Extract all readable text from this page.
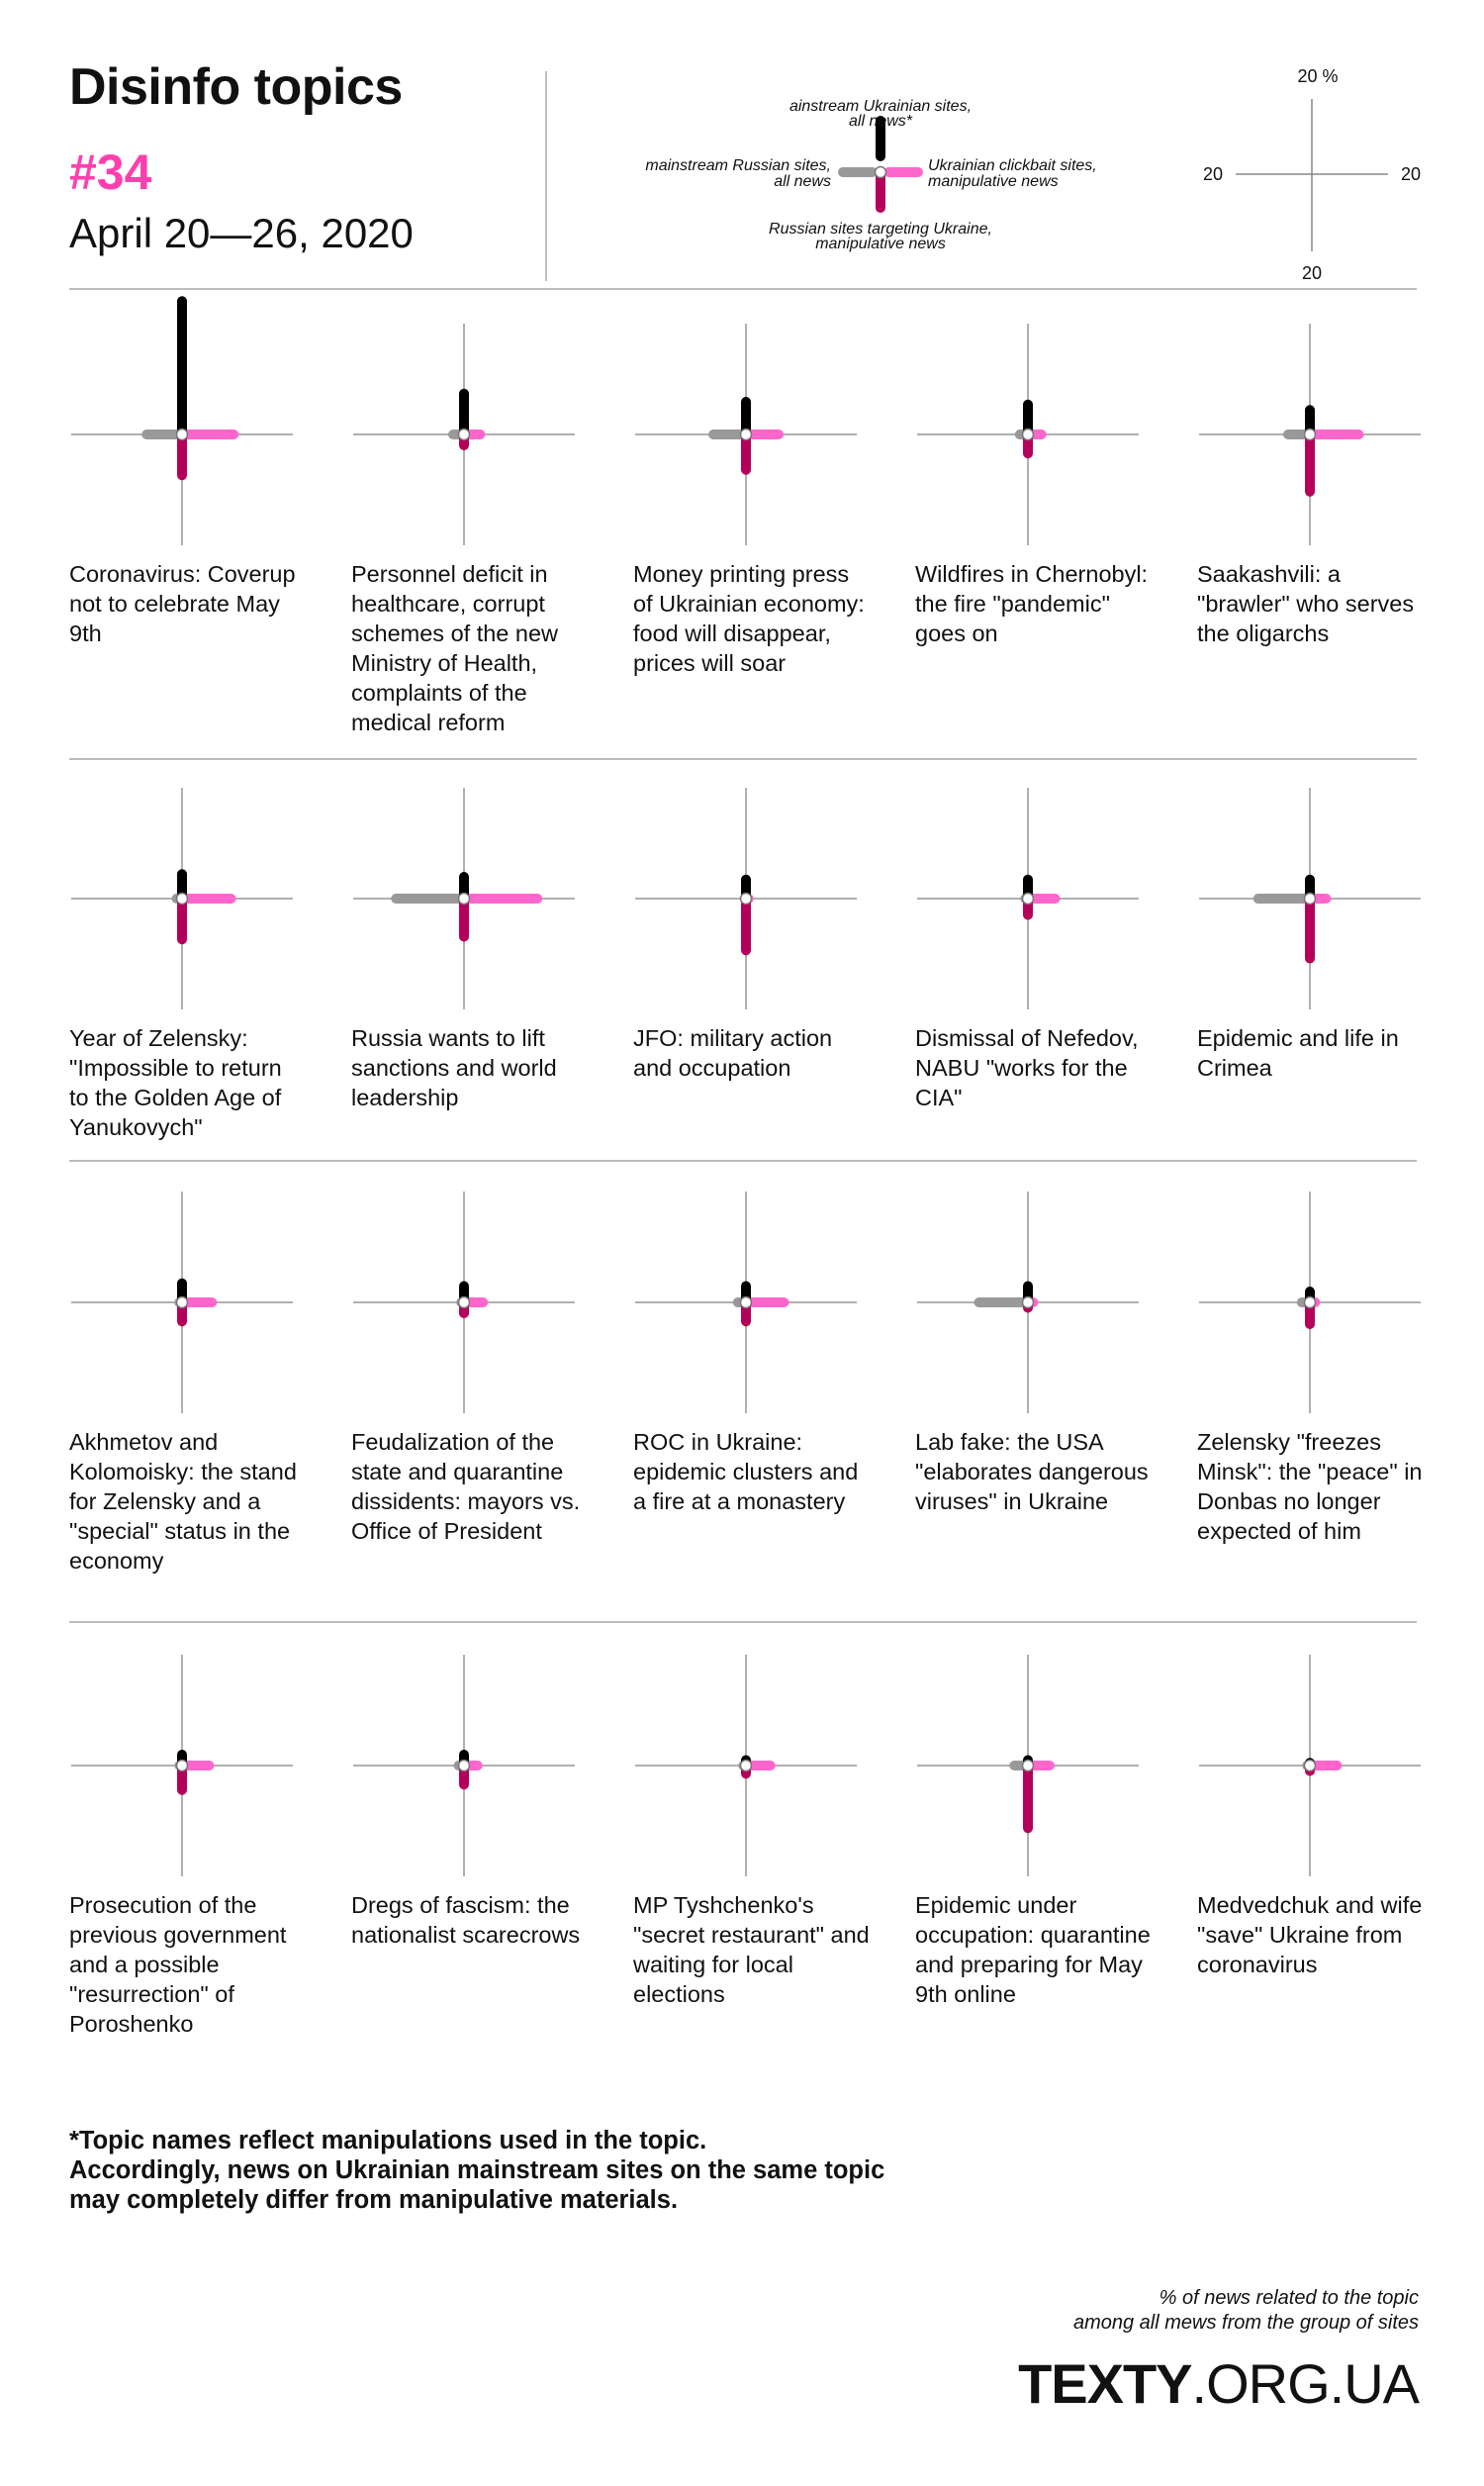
Disinfo topics
#34
April 20—26, 2020
ainstream Ukrainian sites,
all news*
mainstream Russian sites,
all news
Ukrainian clickbait sites,
manipulative news
Russian sites targeting Ukraine,
manipulative news
20 %
20	20
20

Coronavirus: Coverup not to celebrate May 9th

Personnel deficit in healthcare, corrupt schemes of the new Ministry of Health, complaints of the medical reform

Money printing press of Ukrainian economy: food will disappear, prices will soar

Wildfires in Chernobyl: the fire "pandemic" goes on

Saakashvili: a "brawler" who serves the oligarchs

Year of Zelensky: "Impossible to return to the Golden Age of Yanukovych"

Russia wants to lift sanctions and world leadership

JFO: military action and occupation

Dismissal of Nefedov, NABU "works for the CIA"

Epidemic and life in Crimea

Akhmetov and Kolomoisky: the stand for Zelensky and a "special" status in the economy

Feudalization of the state and quarantine dissidents: mayors vs. Office of President

ROC in Ukraine: epidemic clusters and a fire at a monastery

Lab fake: the USA "elaborates dangerous viruses" in Ukraine

Zelensky "freezes Minsk": the "peace" in Donbas no longer expected of him

Prosecution of the previous government and a possible "resurrection" of Poroshenko

Dregs of fascism: the nationalist scarecrows

MP Tyshchenko's "secret restaurant" and waiting for local elections

Epidemic under occupation: quarantine and preparing for May 9th online

Medvedchuk and wife "save" Ukraine from coronavirus

*Topic names reflect manipulations used in the topic.
Accordingly, news on Ukrainian mainstream sites on the same topic
may completely differ from manipulative materials.
% of news related to the topic
among all mews from the group of sites
TEXTY.ORG.UA
